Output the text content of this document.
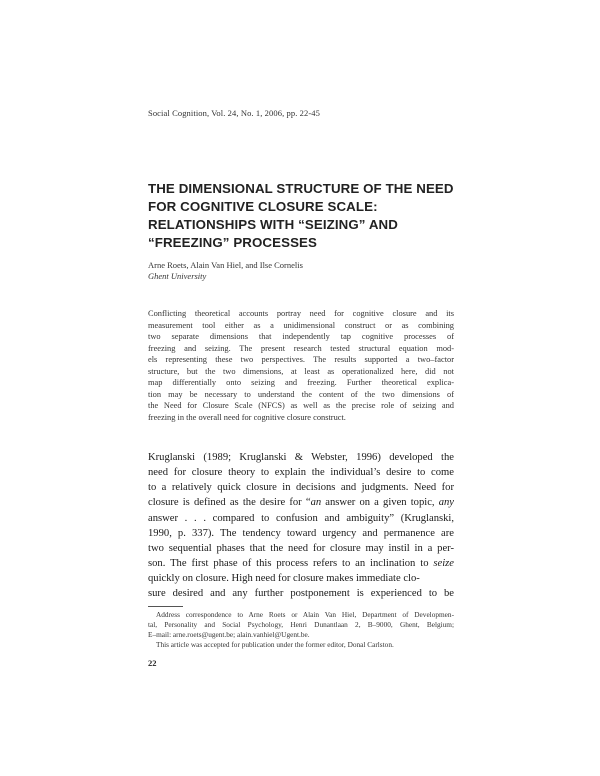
Social Cognition, Vol. 24, No. 1, 2006, pp. 22-45
THE DIMENSIONAL STRUCTURE OF THE NEED
FOR COGNITIVE CLOSURE SCALE:
RELATIONSHIPS WITH “SEIZING” AND
“FREEZING” PROCESSES
Arne Roets, Alain Van Hiel, and Ilse Cornelis
Ghent University
Conflicting theoretical accounts portray need for cognitive closure and its
measurement tool either as a unidimensional construct or as combining
two separate dimensions that independently tap cognitive processes of
freezing and seizing. The present research tested structural equation mod-
els representing these two perspectives. The results supported a two–factor
structure, but the two dimensions, at least as operationalized here, did not
map differentially onto seizing and freezing. Further theoretical explica-
tion may be necessary to understand the content of the two dimensions of
the Need for Closure Scale (NFCS) as well as the precise role of seizing and
freezing in the overall need for cognitive closure construct.
Kruglanski (1989; Kruglanski & Webster, 1996) developed the
need for closure theory to explain the individual’s desire to come
to a relatively quick closure in decisions and judgments. Need for
closure is defined as the desire for “an answer on a given topic, any
answer . . . compared to confusion and ambiguity” (Kruglanski,
1990, p. 337). The tendency toward urgency and permanence are
two sequential phases that the need for closure may instil in a per-
son. The first phase of this process refers to an inclination to seize
quickly on closure. High need for closure makes immediate clo-
sure desired and any further postponement is experienced to be
Address correspondence to Arne Roets or Alain Van Hiel, Department of Developmen-
tal, Personality and Social Psychology, Henri Dunantlaan 2, B–9000, Ghent, Belgium;
E–mail: arne.roets@ugent.be; alain.vanhiel@Ugent.be.
This article was accepted for publication under the former editor, Donal Carlston.
22
